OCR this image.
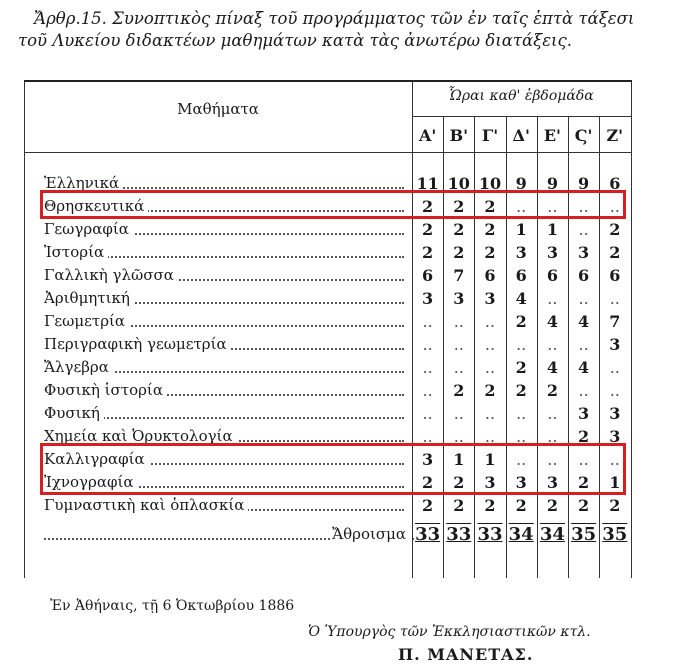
Ἄρθρ.15. Συνοπτικὸς πίναξ τοῦ προγράμματος τῶν ἐν ταῖς ἑπτὰ τάξεσι
τοῦ Λυκείου διδακτέων μαθημάτων κατὰ τὰς ἀνωτέρω διατάξεις.
Μαθήματα
Ὧραι καθ' ἑβδομάδα
Α' Β' Γ' Δ' Ε' Ϛ' Ζ'
Ἑλληνικά	11 10 10 9	9	9	6
Θρησκευτικά	2	2	2	..	..	..	..
Γεωγραφία	2	2	2	1	1	..	2
Ἱστορία	2	2	2	3	3	3	2
Γαλλικὴ γλῶσσα	6	7	6	6	6	6	6
Ἀριθμητική	3	3	3	4	..	..	..
Γεωμετρία	..	..	..	2	4	4	7
Περιγραφικὴ γεωμετρία	..	..	..	..	..	..	3
Ἄλγεβρα	..	..	..	2	4	4	..
Φυσικὴ ἱστορία	..	2	2	2	2	..	..
Φυσική	..	..	..	..	..	3	3
Χημεία καὶ Ὀρυκτολογία	..	..	..	..	..	2	3
Καλλιγραφία	3	1	1	..	..	..	..
Ἰχνογραφία	2	2	3	3	3	2	1
Γυμναστικὴ καὶ ὁπλασκία	2	2	2	2	2	2	2
Ἄθροισμα 33 33 33 34 34 35 35
Ἐν Ἀθήναις, τῇ 6 Ὀκτωβρίου 1886
Ὁ Ὑπουργὸς τῶν Ἐκκλησιαστικῶν κτλ.
Π. ΜΑΝΕΤΑΣ.
